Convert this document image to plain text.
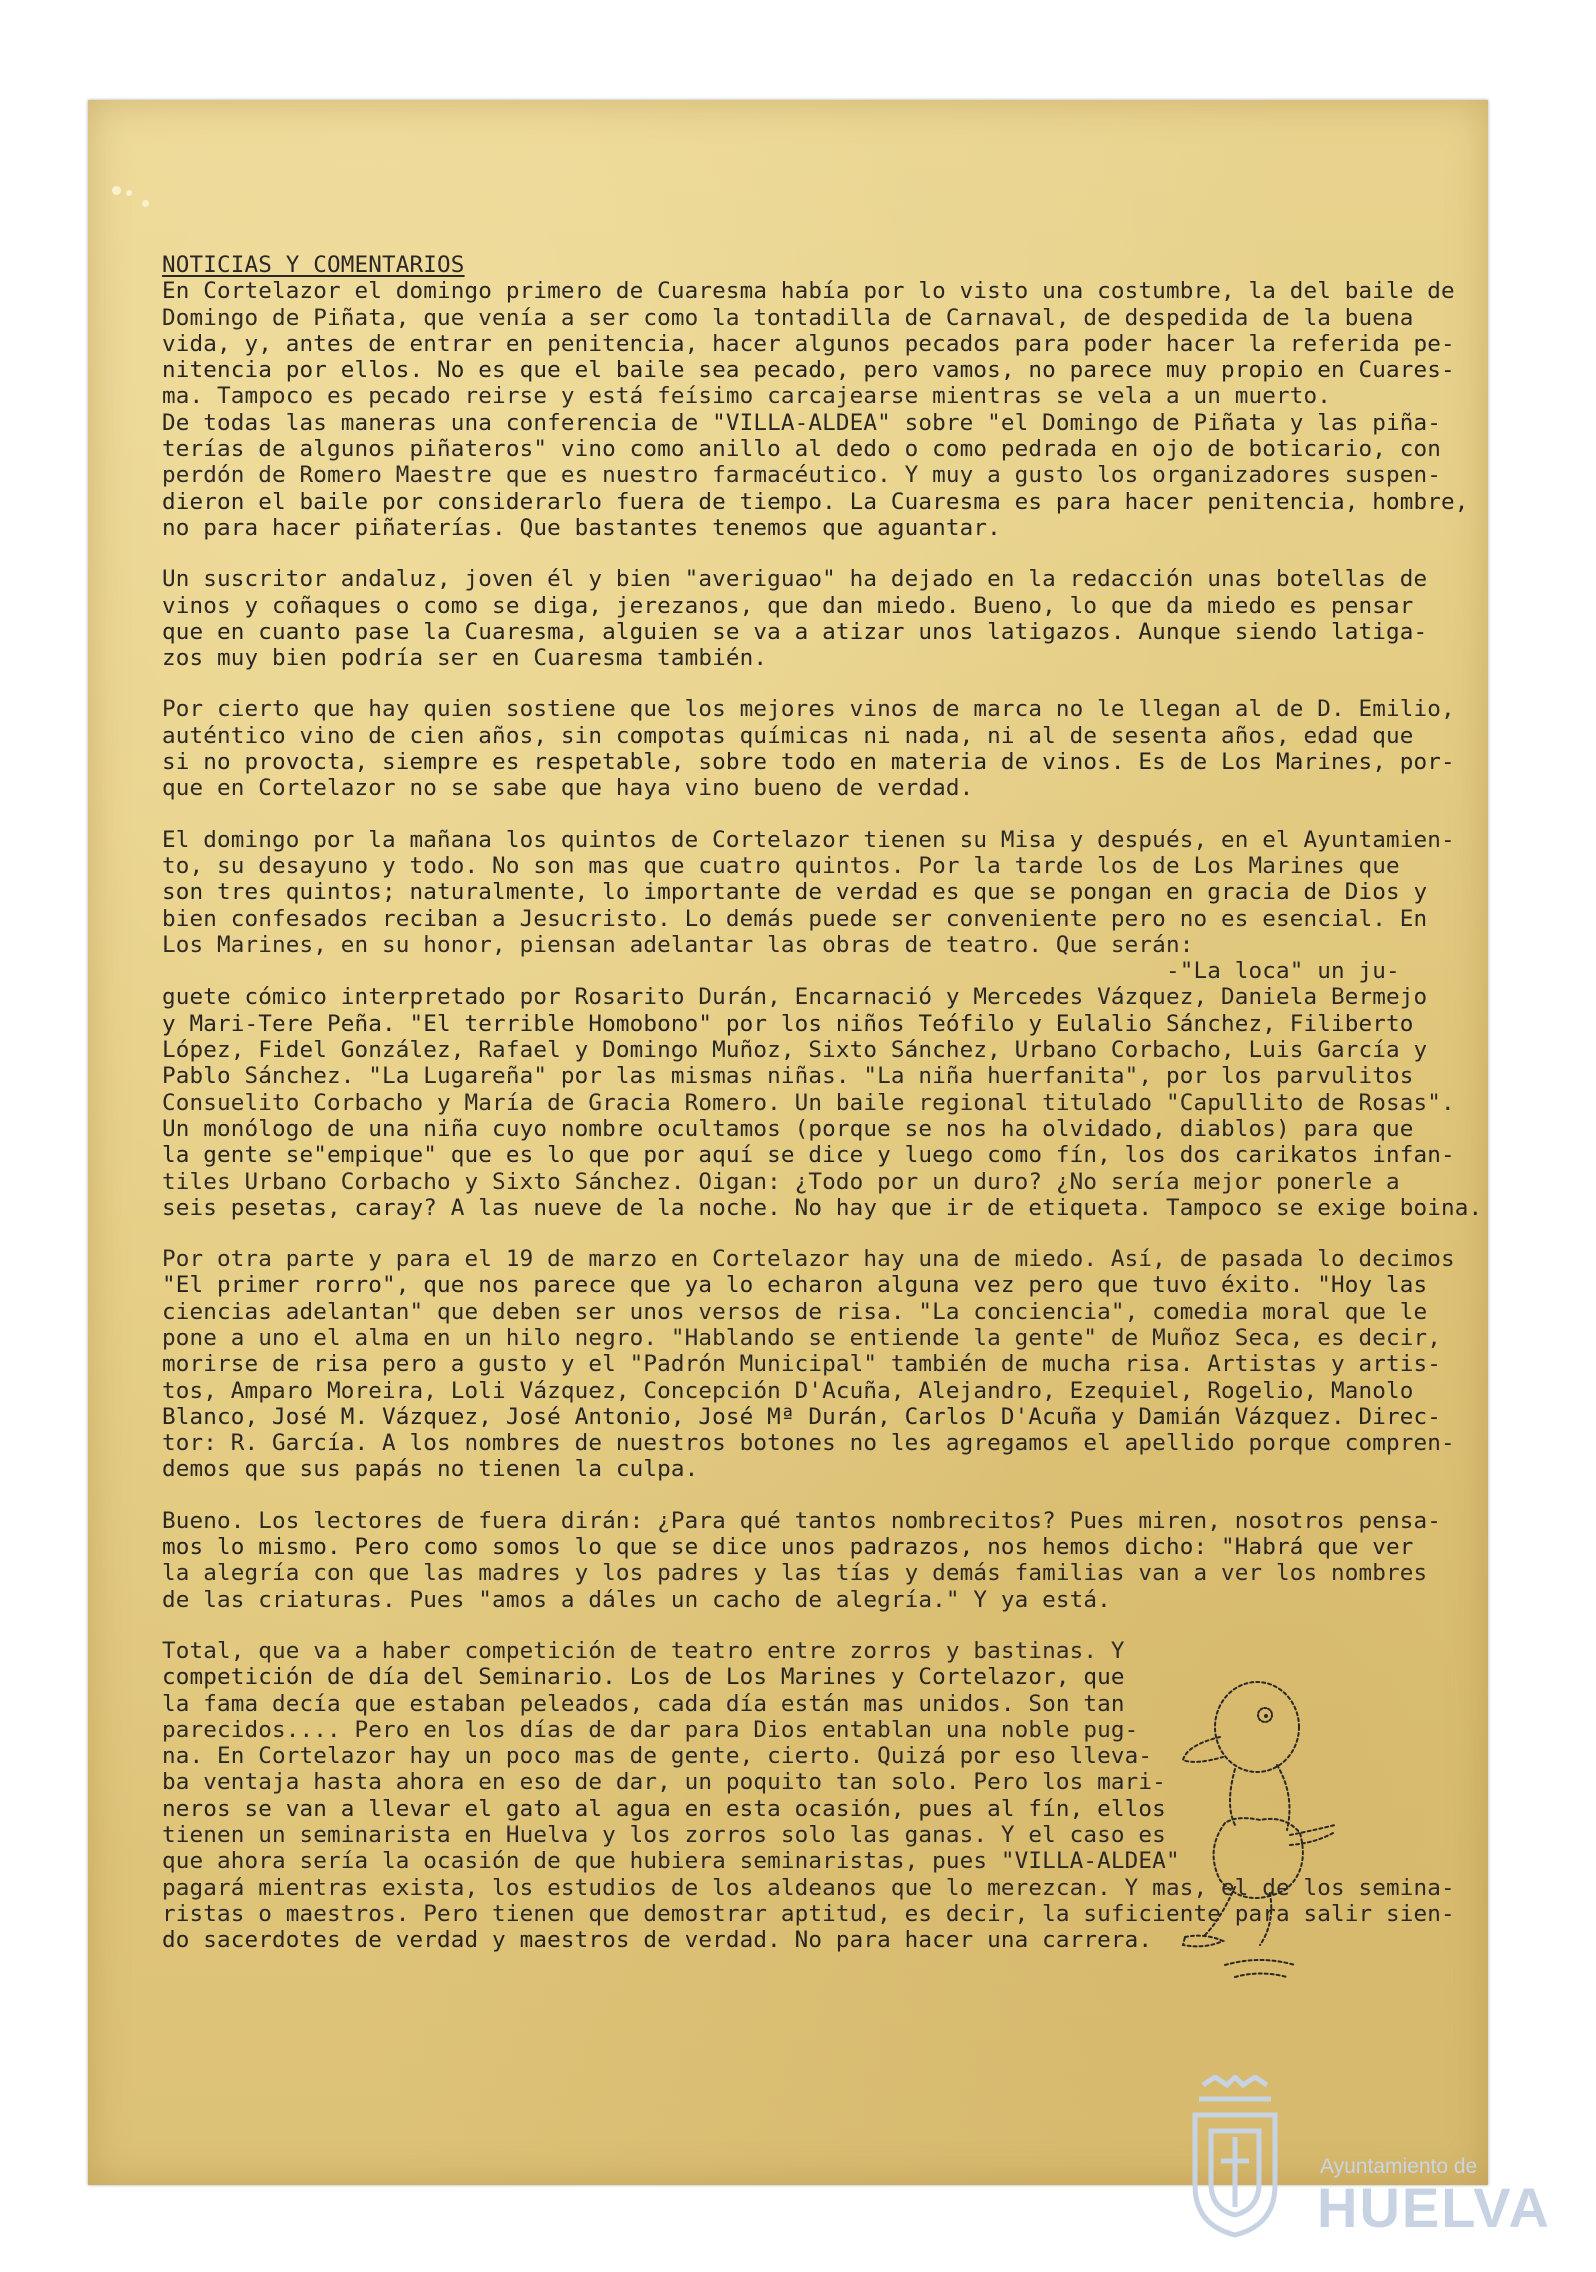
NOTICIAS Y COMENTARIOS
En Cortelazor el domingo primero de Cuaresma había por lo visto una costumbre, la del baile de
Domingo de Piñata, que venía a ser como la tontadilla de Carnaval, de despedida de la buena
vida, y, antes de entrar en penitencia, hacer algunos pecados para poder hacer la referida pe-
nitencia por ellos. No es que el baile sea pecado, pero vamos, no parece muy propio en Cuares-
ma. Tampoco es pecado reirse y está feísimo carcajearse mientras se vela a un muerto.
De todas las maneras una conferencia de "VILLA-ALDEA" sobre "el Domingo de Piñata y las piña-
terías de algunos piñateros" vino como anillo al dedo o como pedrada en ojo de boticario, con
perdón de Romero Maestre que es nuestro farmacéutico. Y muy a gusto los organizadores suspen-
dieron el baile por considerarlo fuera de tiempo. La Cuaresma es para hacer penitencia, hombre,
no para hacer piñaterías. Que bastantes tenemos que aguantar.
Un suscritor andaluz, joven él y bien "averiguao" ha dejado en la redacción unas botellas de
vinos y coñaques o como se diga, jerezanos, que dan miedo. Bueno, lo que da miedo es pensar
que en cuanto pase la Cuaresma, alguien se va a atizar unos latigazos. Aunque siendo latiga-
zos muy bien podría ser en Cuaresma también.
Por cierto que hay quien sostiene que los mejores vinos de marca no le llegan al de D. Emilio,
auténtico vino de cien años, sin compotas químicas ni nada, ni al de sesenta años, edad que
si no provocta, siempre es respetable, sobre todo en materia de vinos. Es de Los Marines, por-
que en Cortelazor no se sabe que haya vino bueno de verdad.
El domingo por la mañana los quintos de Cortelazor tienen su Misa y después, en el Ayuntamien-
to, su desayuno y todo. No son mas que cuatro quintos. Por la tarde los de Los Marines que
son tres quintos; naturalmente, lo importante de verdad es que se pongan en gracia de Dios y
bien confesados reciban a Jesucristo. Lo demás puede ser conveniente pero no es esencial. En
Los Marines, en su honor, piensan adelantar las obras de teatro. Que serán:
-"La loca" un ju-
guete cómico interpretado por Rosarito Durán, Encarnació y Mercedes Vázquez, Daniela Bermejo
y Mari-Tere Peña. "El terrible Homobono" por los niños Teófilo y Eulalio Sánchez, Filiberto
López, Fidel González, Rafael y Domingo Muñoz, Sixto Sánchez, Urbano Corbacho, Luis García y
Pablo Sánchez. "La Lugareña" por las mismas niñas. "La niña huerfanita", por los parvulitos
Consuelito Corbacho y María de Gracia Romero. Un baile regional titulado "Capullito de Rosas".
Un monólogo de una niña cuyo nombre ocultamos (porque se nos ha olvidado, diablos) para que
la gente se"empique" que es lo que por aquí se dice y luego como fín, los dos carikatos infan-
tiles Urbano Corbacho y Sixto Sánchez. Oigan: ¿Todo por un duro? ¿No sería mejor ponerle a
seis pesetas, caray? A las nueve de la noche. No hay que ir de etiqueta. Tampoco se exige boina.
Por otra parte y para el 19 de marzo en Cortelazor hay una de miedo. Así, de pasada lo decimos
"El primer rorro", que nos parece que ya lo echaron alguna vez pero que tuvo éxito. "Hoy las
ciencias adelantan" que deben ser unos versos de risa. "La conciencia", comedia moral que le
pone a uno el alma en un hilo negro. "Hablando se entiende la gente" de Muñoz Seca, es decir,
morirse de risa pero a gusto y el "Padrón Municipal" también de mucha risa. Artistas y artis-
tos, Amparo Moreira, Loli Vázquez, Concepción D'Acuña, Alejandro, Ezequiel, Rogelio, Manolo
Blanco, José M. Vázquez, José Antonio, José Mª Durán, Carlos D'Acuña y Damián Vázquez. Direc-
tor: R. García. A los nombres de nuestros botones no les agregamos el apellido porque compren-
demos que sus papás no tienen la culpa.
Bueno. Los lectores de fuera dirán: ¿Para qué tantos nombrecitos? Pues miren, nosotros pensa-
mos lo mismo. Pero como somos lo que se dice unos padrazos, nos hemos dicho: "Habrá que ver
la alegría con que las madres y los padres y las tías y demás familias van a ver los nombres
de las criaturas. Pues "amos a dáles un cacho de alegría." Y ya está.
Total, que va a haber competición de teatro entre zorros y bastinas. Y
competición de día del Seminario. Los de Los Marines y Cortelazor, que
la fama decía que estaban peleados, cada día están mas unidos. Son tan
parecidos.... Pero en los días de dar para Dios entablan una noble pug-
na. En Cortelazor hay un poco mas de gente, cierto. Quizá por eso lleva-
ba ventaja hasta ahora en eso de dar, un poquito tan solo. Pero los mari-
neros se van a llevar el gato al agua en esta ocasión, pues al fín, ellos
tienen un seminarista en Huelva y los zorros solo las ganas. Y el caso es
que ahora sería la ocasión de que hubiera seminaristas, pues "VILLA-ALDEA"
pagará mientras exista, los estudios de los aldeanos que lo merezcan. Y mas, el de los semina-
ristas o maestros. Pero tienen que demostrar aptitud, es decir, la suficiente para salir sien-
do sacerdotes de verdad y maestros de verdad. No para hacer una carrera.
Ayuntamiento de
HUELVA
